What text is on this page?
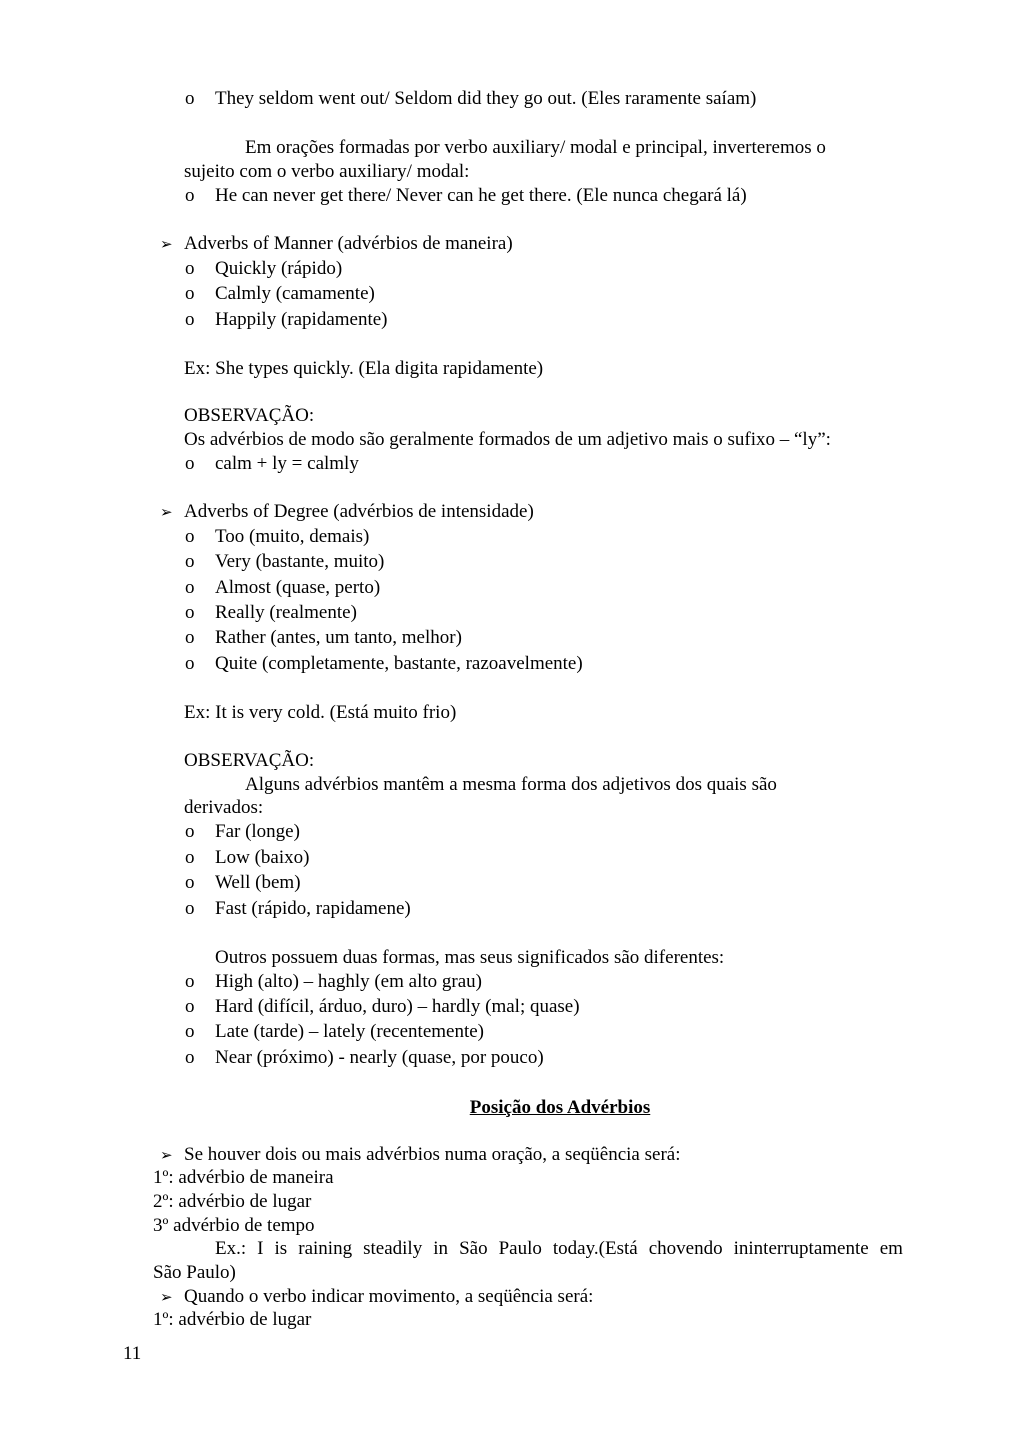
o They seldom went out/ Seldom did they go out. (Eles raramente saíam)
Em orações formadas por verbo auxiliary/ modal e principal, inverteremos o
sujeito com o verbo auxiliary/ modal:
o He can never get there/ Never can he get there. (Ele nunca chegará lá)
➢ Adverbs of Manner (advérbios de maneira)
o Quickly (rápido)
o Calmly (camamente)
o Happily (rapidamente)
Ex: She types quickly. (Ela digita rapidamente)
OBSERVAÇÃO:
Os advérbios de modo são geralmente formados de um adjetivo mais o sufixo – “ly”:
o calm + ly = calmly
➢ Adverbs of Degree (advérbios de intensidade)
o Too (muito, demais)
o Very (bastante, muito)
o Almost (quase, perto)
o Really (realmente)
o Rather (antes, um tanto, melhor)
o Quite (completamente, bastante, razoavelmente)
Ex: It is very cold. (Está muito frio)
OBSERVAÇÃO:
Alguns advérbios mantêm a mesma forma dos adjetivos dos quais são
derivados:
o Far (longe)
o Low (baixo)
o Well (bem)
o Fast (rápido, rapidamene)
Outros possuem duas formas, mas seus significados são diferentes:
o High (alto) – haghly (em alto grau)
o Hard (difícil, árduo, duro) – hardly (mal; quase)
o Late (tarde) – lately (recentemente)
o Near (próximo) - nearly (quase, por pouco)
Posição dos Advérbios
➢ Se houver dois ou mais advérbios numa oração, a seqüência será:
1º: advérbio de maneira
2º: advérbio de lugar
3º advérbio de tempo
Ex.: I is raining steadily in São Paulo today.(Está chovendo ininterruptamente em
São Paulo)
➢ Quando o verbo indicar movimento, a seqüência será:
1º: advérbio de lugar
11
